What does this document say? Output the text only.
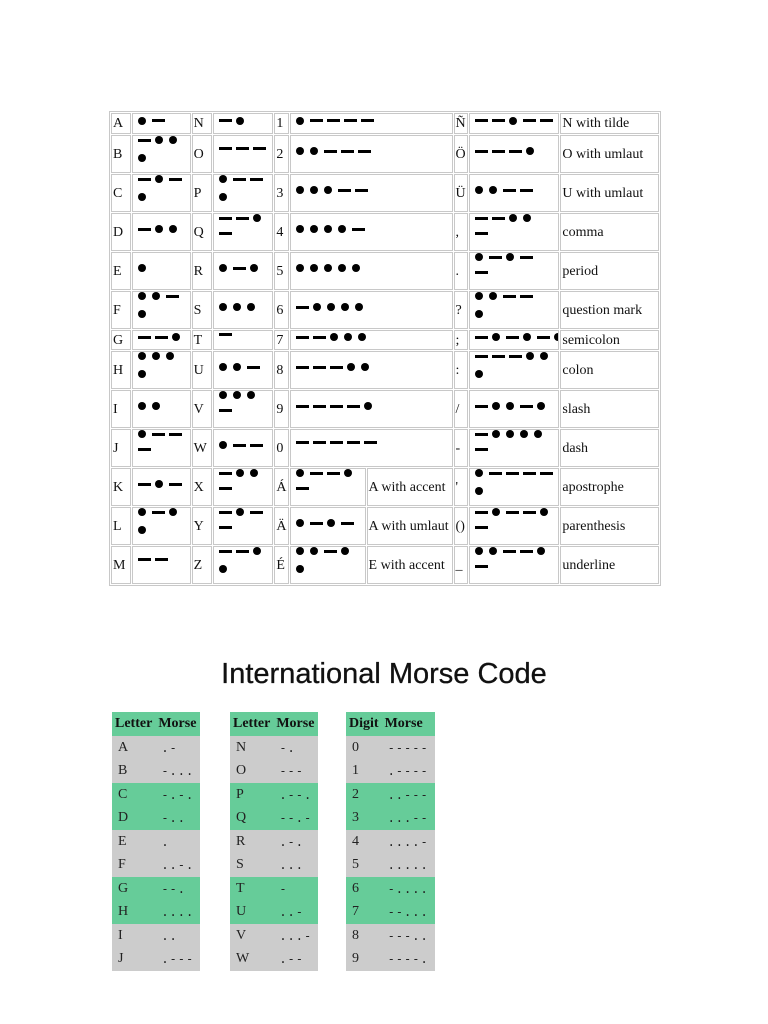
A		N		1			Ñ		N with tilde
B		O		2			Ö		O with umlaut
C		P		3			Ü		U with umlaut
D		Q		4			,		comma
E		R		5			.		period
F		S		6			?		question mark
G		T		7			;		semicolon
H		U		8			:		colon
I		V		9			/		slash
J		W		0			-		dash
K		X		Á		A with accent	'		apostrophe
L		Y		Ä		A with umlaut	()		parenthesis
M		Z		É		E with accent	_		underline
International Morse Code
Letter	Morse
A	.-
B	-...
C	-.-.
D	-..
E	.
F	..-.
G	--.
H	....
I	..
J	.---
Letter	Morse
N	-.
O	---
P	.--.
Q	--.-
R	.-.
S	...
T	-
U	..-
V	...-
W	.--
Digit	Morse
0	-----
1	.----
2	..---
3	...--
4	....-
5	.....
6	-....
7	--...
8	---..
9	----.
